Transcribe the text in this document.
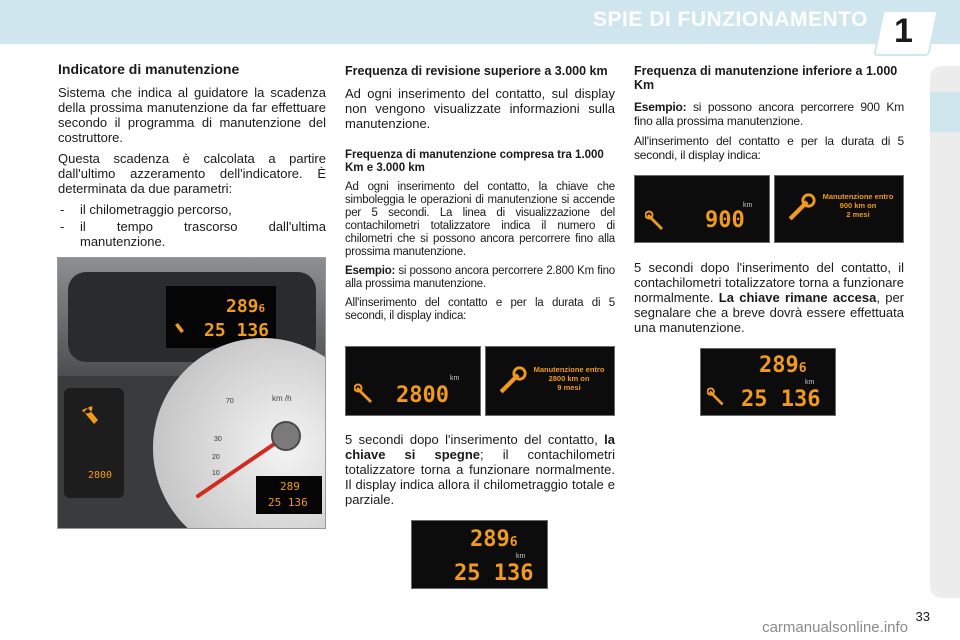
SPIE DI FUNZIONAMENTO 1
Indicatore di manutenzione

Sistema che indica al guidatore la scadenza della prossima manutenzione da far effettuare secondo il programma di manutenzione del costruttore.

Questa scadenza è calcolata a partire dall'ultimo azzeramento dell'indicatore. È determinata da due parametri:

- il chilometraggio percorso,
- il tempo trascorso dall'ultima manutenzione.
2896
25 136
km /h
70
30
20
10
2800
289
25 136
Frequenza di revisione superiore a 3.000 km

Ad ogni inserimento del contatto, sul display non vengono visualizzate informazioni sulla manutenzione.

Frequenza di manutenzione compresa tra 1.000 Km e 3.000 km

Ad ogni inserimento del contatto, la chiave che simboleggia le operazioni di manutenzione si accende per 5 secondi. La linea di visualizzazione del contachilometri totalizzatore indica il numero di chilometri che si possono ancora percorrere fino alla prossima manutenzione.

Esempio: si possono ancora percorrere 2.800 Km fino alla prossima manutenzione.

All'inserimento del contatto e per la durata di 5 secondi, il display indica:

km
2800
Manutenzione entro
2800 km on
9 mesi

5 secondi dopo l'inserimento del contatto, la chiave si spegne; il contachilometri totalizzatore torna a funzionare normalmente. Il display indica allora il chilometraggio totale e parziale.

2896
km
25 136
Frequenza di manutenzione inferiore a 1.000 Km

Esempio: si possono ancora percorrere 900 Km fino alla prossima manutenzione.

All'inserimento del contatto e per la durata di 5 secondi, il display indica:

km
900
Manutenzione entro
900 km on
2 mesi

5 secondi dopo l'inserimento del contatto, il contachilometri totalizzatore torna a funzionare normalmente. La chiave rimane accesa, per segnalare che a breve dovrà essere effettuata una manutenzione.

2896
km
25 136
33
carmanualsonline.info
